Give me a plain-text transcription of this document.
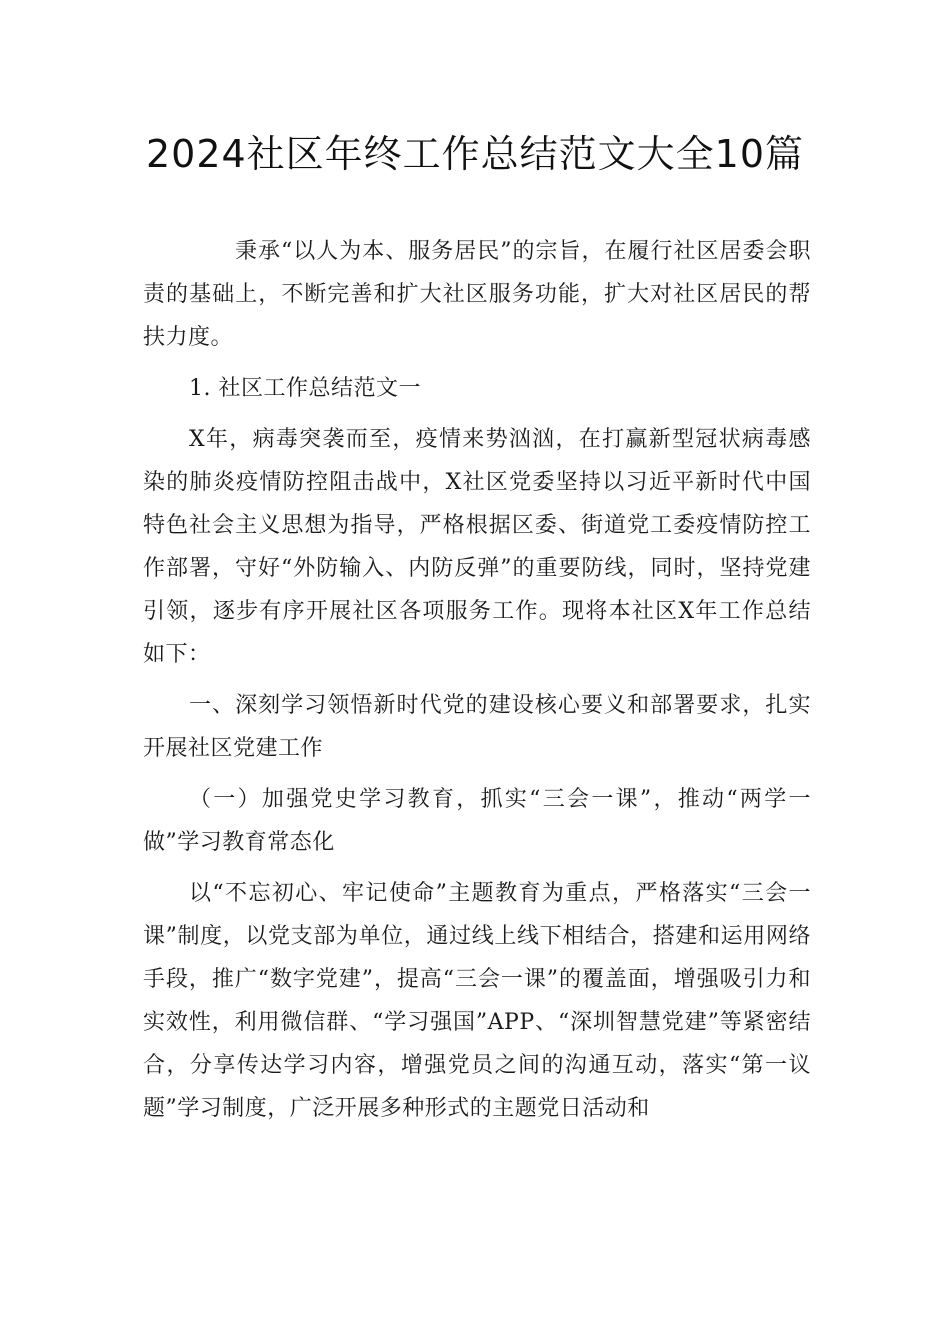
2024社区年终工作总结范文大全10篇

秉承“以人为本、服务居民”的宗旨，在履行社区居委会职责的基础上，不断完善和扩大社区服务功能，扩大对社区居民的帮扶力度。

1. 社区工作总结范文一

X年，病毒突袭而至，疫情来势汹汹，在打赢新型冠状病毒感染的肺炎疫情防控阻击战中，X社区党委坚持以习近平新时代中国特色社会主义思想为指导，严格根据区委、街道党工委疫情防控工作部署，守好“外防输入、内防反弹”的重要防线，同时，坚持党建引领，逐步有序开展社区各项服务工作。现将本社区X年工作总结如下：

一、深刻学习领悟新时代党的建设核心要义和部署要求，扎实开展社区党建工作

（一）加强党史学习教育，抓实“三会一课”，推动“两学一做”学习教育常态化

以“不忘初心、牢记使命”主题教育为重点，严格落实“三会一课”制度，以党支部为单位，通过线上线下相结合，搭建和运用网络手段，推广“数字党建”，提高“三会一课”的覆盖面，增强吸引力和实效性，利用微信群、“学习强国”APP、“深圳智慧党建”等紧密结合，分享传达学习内容，增强党员之间的沟通互动，落实“第一议题”学习制度，广泛开展多种形式的主题党日活动和
